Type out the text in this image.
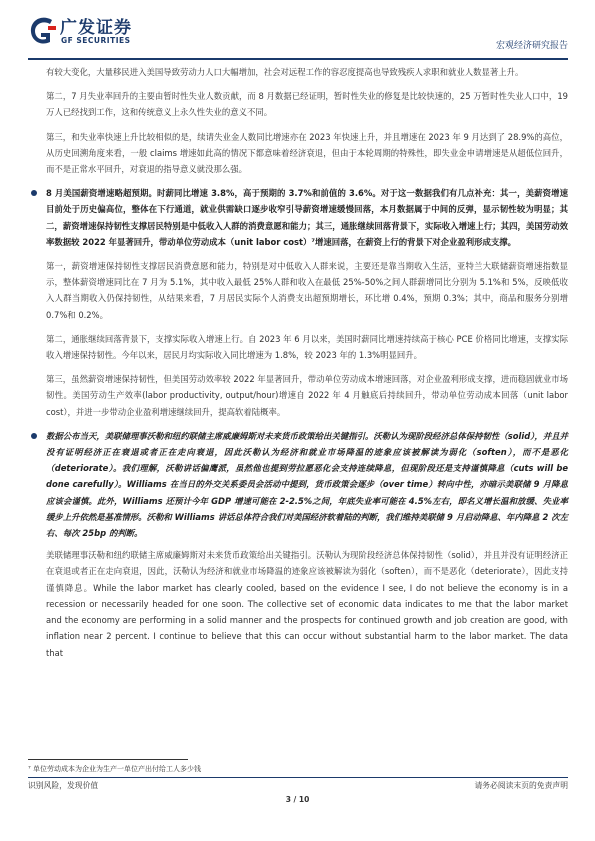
广发证券
GF SECURITIES
宏观经济研究报告

有较大变化，大量移民进入美国导致劳动力人口大幅增加，社会对远程工作的容忍度提高也导致残疾人求职和就业人数显著上升。

第二，7 月失业率回升的主要由暂时性失业人数贡献，而 8 月数据已经证明，暂时性失业的修复是比较快速的，25 万暂时性失业人口中，19 万人已经找到工作，这和传统意义上永久性失业的意义不同。

第三，和失业率快速上升比较相似的是，续请失业金人数同比增速亦在 2023 年快速上升，并且增速在 2023 年 9 月达到了 28.9%的高位，从历史回溯角度来看，一般 claims 增速如此高的情况下都意味着经济衰退，但由于本轮周期的特殊性，即失业金申请增速是从超低位回升，而不是正常水平回升，对衰退的指导意义就没那么强。

8 月美国薪资增速略超预期。时薪同比增速 3.8%，高于预期的 3.7%和前值的 3.6%。对于这一数据我们有几点补充：其一，美薪资增速目前处于历史偏高位，整体在下行通道，就业供需缺口逐步收窄引导薪资增速缓慢回落，本月数据属于中间的反弹，显示韧性较为明显；其二，薪资增速保持韧性支撑居民特别是中低收入人群的消费意愿和能力；其三，通胀继续回落背景下，实际收入增速上行；其四，美国劳动效率数据较 2022 年显著回升，带动单位劳动成本（unit labor cost）⁷增速回落，在薪资上行的背景下对企业盈利形成支撑。

第一，薪资增速保持韧性支撑居民消费意愿和能力，特别是对中低收入人群来说，主要还是靠当期收入生活，亚特兰大联储薪资增速指数显示，整体薪资增速同比在 7 月为 5.1%，其中收入最低 25%人群和收入在最低 25%-50%之间人群薪增同比分别为 5.1%和 5%，反映低收入人群当期收入仍保持韧性，从结果来看，7 月居民实际个人消费支出超预期增长，环比增 0.4%，预期 0.3%；其中，商品和服务分别增 0.7%和 0.2%。

第二，通胀继续回落背景下，支撑实际收入增速上行。自 2023 年 6 月以来，美国时薪同比增速持续高于核心 PCE 价格同比增速，支撑实际收入增速保持韧性。今年以来，居民月均实际收入同比增速为 1.8%，较 2023 年的 1.3%明显回升。

第三，虽然薪资增速保持韧性，但美国劳动效率较 2022 年显著回升，带动单位劳动成本增速回落，对企业盈利形成支撑，进而稳固就业市场韧性。美国劳动生产效率(labor productivity, output/hour)增速自 2022 年 4 月触底后持续回升，带动单位劳动成本回落（unit labor cost），并进一步带动企业盈利增速继续回升，提高软着陆概率。

数据公布当天，美联储理事沃勒和纽约联储主席威廉姆斯对未来货币政策给出关键指引。沃勒认为现阶段经济总体保持韧性（solid），并且并没有证明经济正在衰退或者正在走向衰退，因此沃勒认为经济和就业市场降温的迹象应该被解读为弱化（soften），而不是恶化（deteriorate）。我们理解，沃勒讲话偏鹰派，虽然他也提到劳拉愿恶化会支持连续降息，但现阶段还是支持谨慎降息（cuts will be done carefully）。Williams 在当日的外交关系委员会活动中提到，货币政策会逐步（over time）转向中性，亦暗示美联储 9 月降息应该会谨慎。此外，Williams 还预计今年 GDP 增速可能在 2-2.5%之间，年底失业率可能在 4.5%左右，即名义增长温和放缓、失业率缓步上升依然是基准情形。沃勒和 Williams 讲话总体符合我们对美国经济软着陆的判断，我们维持美联储 9 月启动降息、年内降息 2 次左右、每次 25bp 的判断。

美联储理事沃勒和纽约联储主席威廉姆斯对未来货币政策给出关键指引。沃勒认为现阶段经济总体保持韧性（solid），并且并没有证明经济正在衰退或者正在走向衰退，因此，沃勒认为经济和就业市场降温的迹象应该被解读为弱化（soften），而不是恶化（deteriorate），因此支持谨慎降息。While the labor market has clearly cooled, based on the evidence I see, I do not believe the economy is in a recession or necessarily headed for one soon. The collective set of economic data indicates to me that the labor market and the economy are performing in a solid manner and the prospects for continued growth and job creation are good, with inflation near 2 percent. I continue to believe that this can occur without substantial harm to the labor market. The data that

⁷ 单位劳动成本为企业为生产一单位产出付给工人多少钱
识别风险，发现价值	请务必阅读末页的免责声明
3 / 10
